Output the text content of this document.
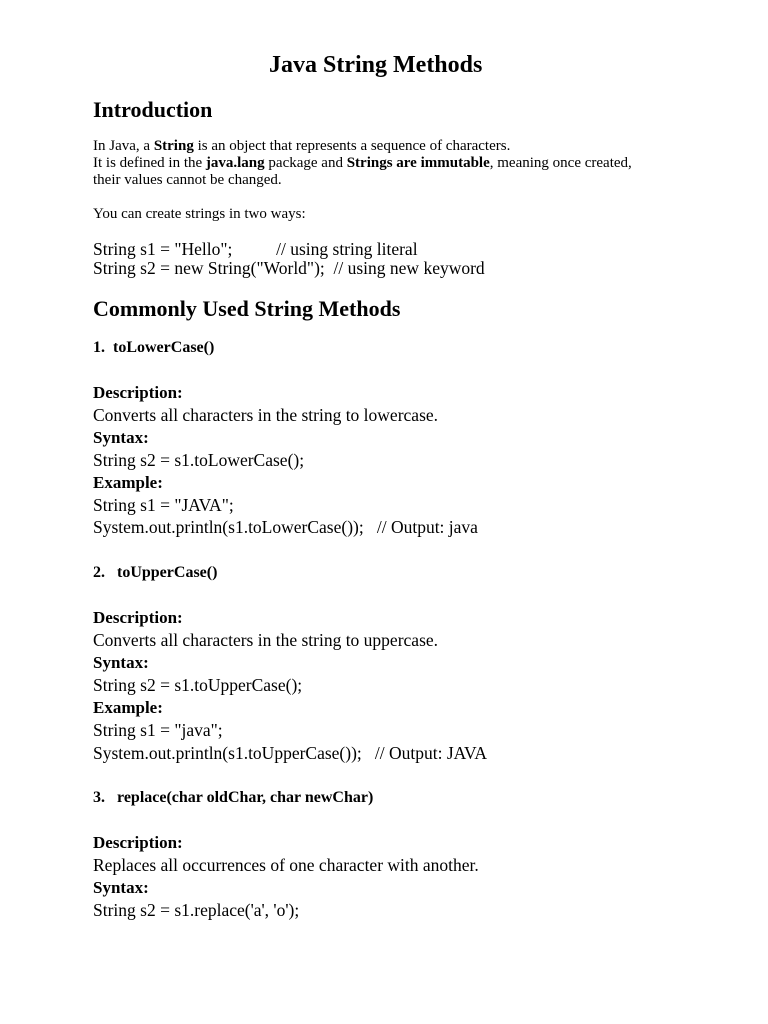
Java String Methods
Introduction

In Java, a String is an object that represents a sequence of characters.

It is defined in the java.lang package and Strings are immutable, meaning once created,

their values cannot be changed.

You can create strings in two ways:

String s1 = "Hello";          // using string literal

String s2 = new String("World");  // using new keyword

Commonly Used String Methods

1. toLowerCase()

Description:

Converts all characters in the string to lowercase.

Syntax:

String s2 = s1.toLowerCase();

Example:

String s1 = "JAVA";

System.out.println(s1.toLowerCase());   // Output: java

2. toUpperCase()

Description:

Converts all characters in the string to uppercase.

Syntax:

String s2 = s1.toUpperCase();

Example:

String s1 = "java";

System.out.println(s1.toUpperCase());   // Output: JAVA

3. replace(char oldChar, char newChar)

Description:

Replaces all occurrences of one character with another.

Syntax:

String s2 = s1.replace('a', 'o');
